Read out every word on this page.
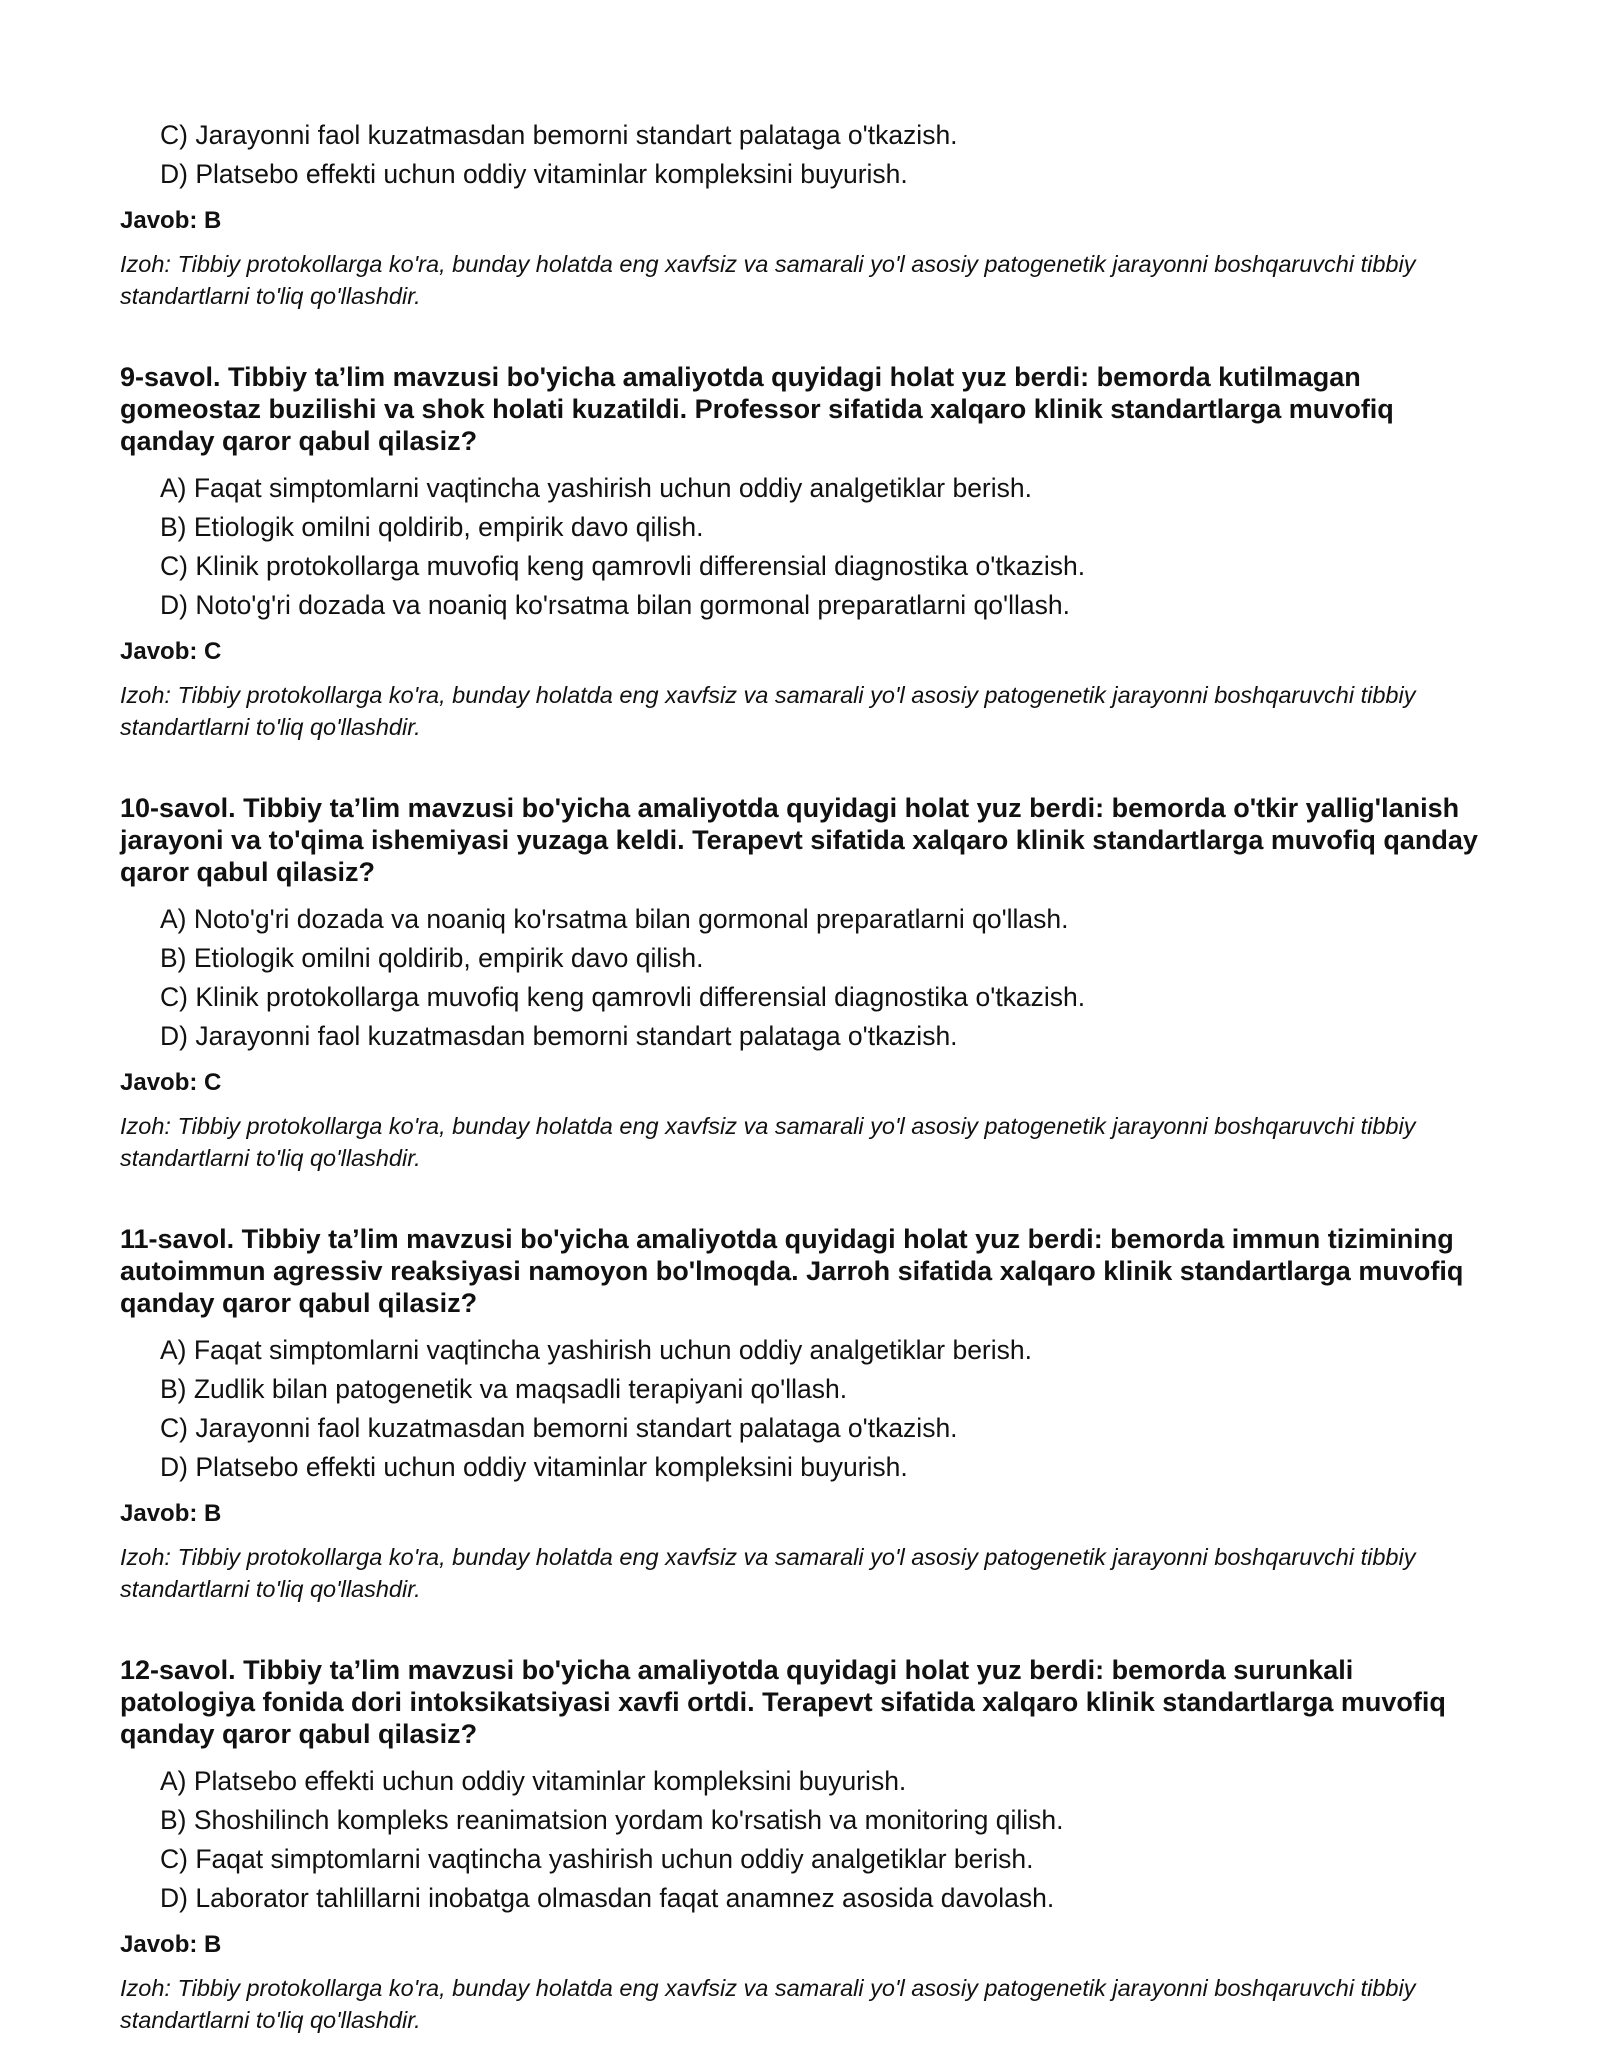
C) Jarayonni faol kuzatmasdan bemorni standart palataga o'tkazish.
D) Platsebo effekti uchun oddiy vitaminlar kompleksini buyurish.
Javob: B
Izoh: Tibbiy protokollarga ko'ra, bunday holatda eng xavfsiz va samarali yo'l asosiy patogenetik jarayonni boshqaruvchi tibbiy standartlarni to'liq qo'llashdir.
9-savol. Tibbiy ta’lim mavzusi bo'yicha amaliyotda quyidagi holat yuz berdi: bemorda kutilmagan gomeostaz buzilishi va shok holati kuzatildi. Professor sifatida xalqaro klinik standartlarga muvofiq qanday qaror qabul qilasiz?
A) Faqat simptomlarni vaqtincha yashirish uchun oddiy analgetiklar berish.
B) Etiologik omilni qoldirib, empirik davo qilish.
C) Klinik protokollarga muvofiq keng qamrovli differensial diagnostika o'tkazish.
D) Noto'g'ri dozada va noaniq ko'rsatma bilan gormonal preparatlarni qo'llash.
Javob: C
Izoh: Tibbiy protokollarga ko'ra, bunday holatda eng xavfsiz va samarali yo'l asosiy patogenetik jarayonni boshqaruvchi tibbiy standartlarni to'liq qo'llashdir.
10-savol. Tibbiy ta’lim mavzusi bo'yicha amaliyotda quyidagi holat yuz berdi: bemorda o'tkir yallig'lanish jarayoni va to'qima ishemiyasi yuzaga keldi. Terapevt sifatida xalqaro klinik standartlarga muvofiq qanday qaror qabul qilasiz?
A) Noto'g'ri dozada va noaniq ko'rsatma bilan gormonal preparatlarni qo'llash.
B) Etiologik omilni qoldirib, empirik davo qilish.
C) Klinik protokollarga muvofiq keng qamrovli differensial diagnostika o'tkazish.
D) Jarayonni faol kuzatmasdan bemorni standart palataga o'tkazish.
Javob: C
Izoh: Tibbiy protokollarga ko'ra, bunday holatda eng xavfsiz va samarali yo'l asosiy patogenetik jarayonni boshqaruvchi tibbiy standartlarni to'liq qo'llashdir.
11-savol. Tibbiy ta’lim mavzusi bo'yicha amaliyotda quyidagi holat yuz berdi: bemorda immun tizimining autoimmun agressiv reaksiyasi namoyon bo'lmoqda. Jarroh sifatida xalqaro klinik standartlarga muvofiq qanday qaror qabul qilasiz?
A) Faqat simptomlarni vaqtincha yashirish uchun oddiy analgetiklar berish.
B) Zudlik bilan patogenetik va maqsadli terapiyani qo'llash.
C) Jarayonni faol kuzatmasdan bemorni standart palataga o'tkazish.
D) Platsebo effekti uchun oddiy vitaminlar kompleksini buyurish.
Javob: B
Izoh: Tibbiy protokollarga ko'ra, bunday holatda eng xavfsiz va samarali yo'l asosiy patogenetik jarayonni boshqaruvchi tibbiy standartlarni to'liq qo'llashdir.
12-savol. Tibbiy ta’lim mavzusi bo'yicha amaliyotda quyidagi holat yuz berdi: bemorda surunkali patologiya fonida dori intoksikatsiyasi xavfi ortdi. Terapevt sifatida xalqaro klinik standartlarga muvofiq qanday qaror qabul qilasiz?
A) Platsebo effekti uchun oddiy vitaminlar kompleksini buyurish.
B) Shoshilinch kompleks reanimatsion yordam ko'rsatish va monitoring qilish.
C) Faqat simptomlarni vaqtincha yashirish uchun oddiy analgetiklar berish.
D) Laborator tahlillarni inobatga olmasdan faqat anamnez asosida davolash.
Javob: B
Izoh: Tibbiy protokollarga ko'ra, bunday holatda eng xavfsiz va samarali yo'l asosiy patogenetik jarayonni boshqaruvchi tibbiy standartlarni to'liq qo'llashdir.
